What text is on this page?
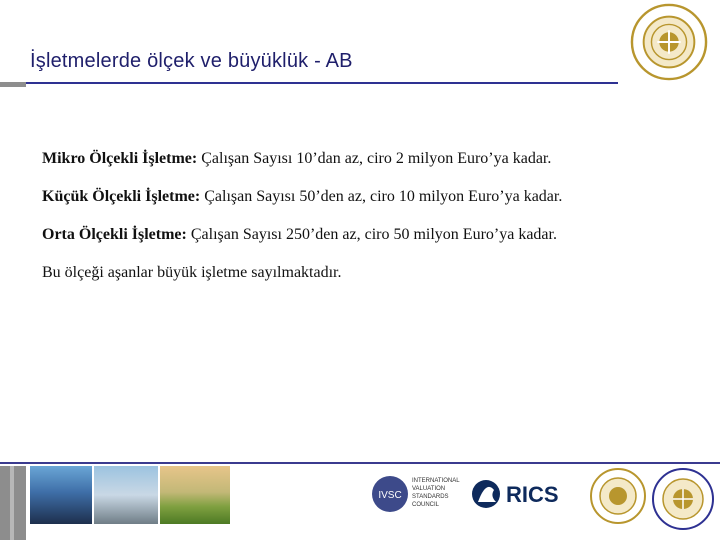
İşletmelerde ölçek ve büyüklük - AB

Mikro Ölçekli İşletme: Çalışan Sayısı 10’dan az, ciro 2 milyon Euro’ya kadar.

Küçük Ölçekli İşletme: Çalışan Sayısı 50’den az, ciro 10 milyon Euro’ya kadar.

Orta Ölçekli İşletme: Çalışan Sayısı 250’den az, ciro 50 milyon Euro’ya kadar.

Bu ölçeği aşanlar büyük işletme sayılmaktadır.

IVSC
INTERNATIONAL
VALUATION
STANDARDS
COUNCIL	RICS
